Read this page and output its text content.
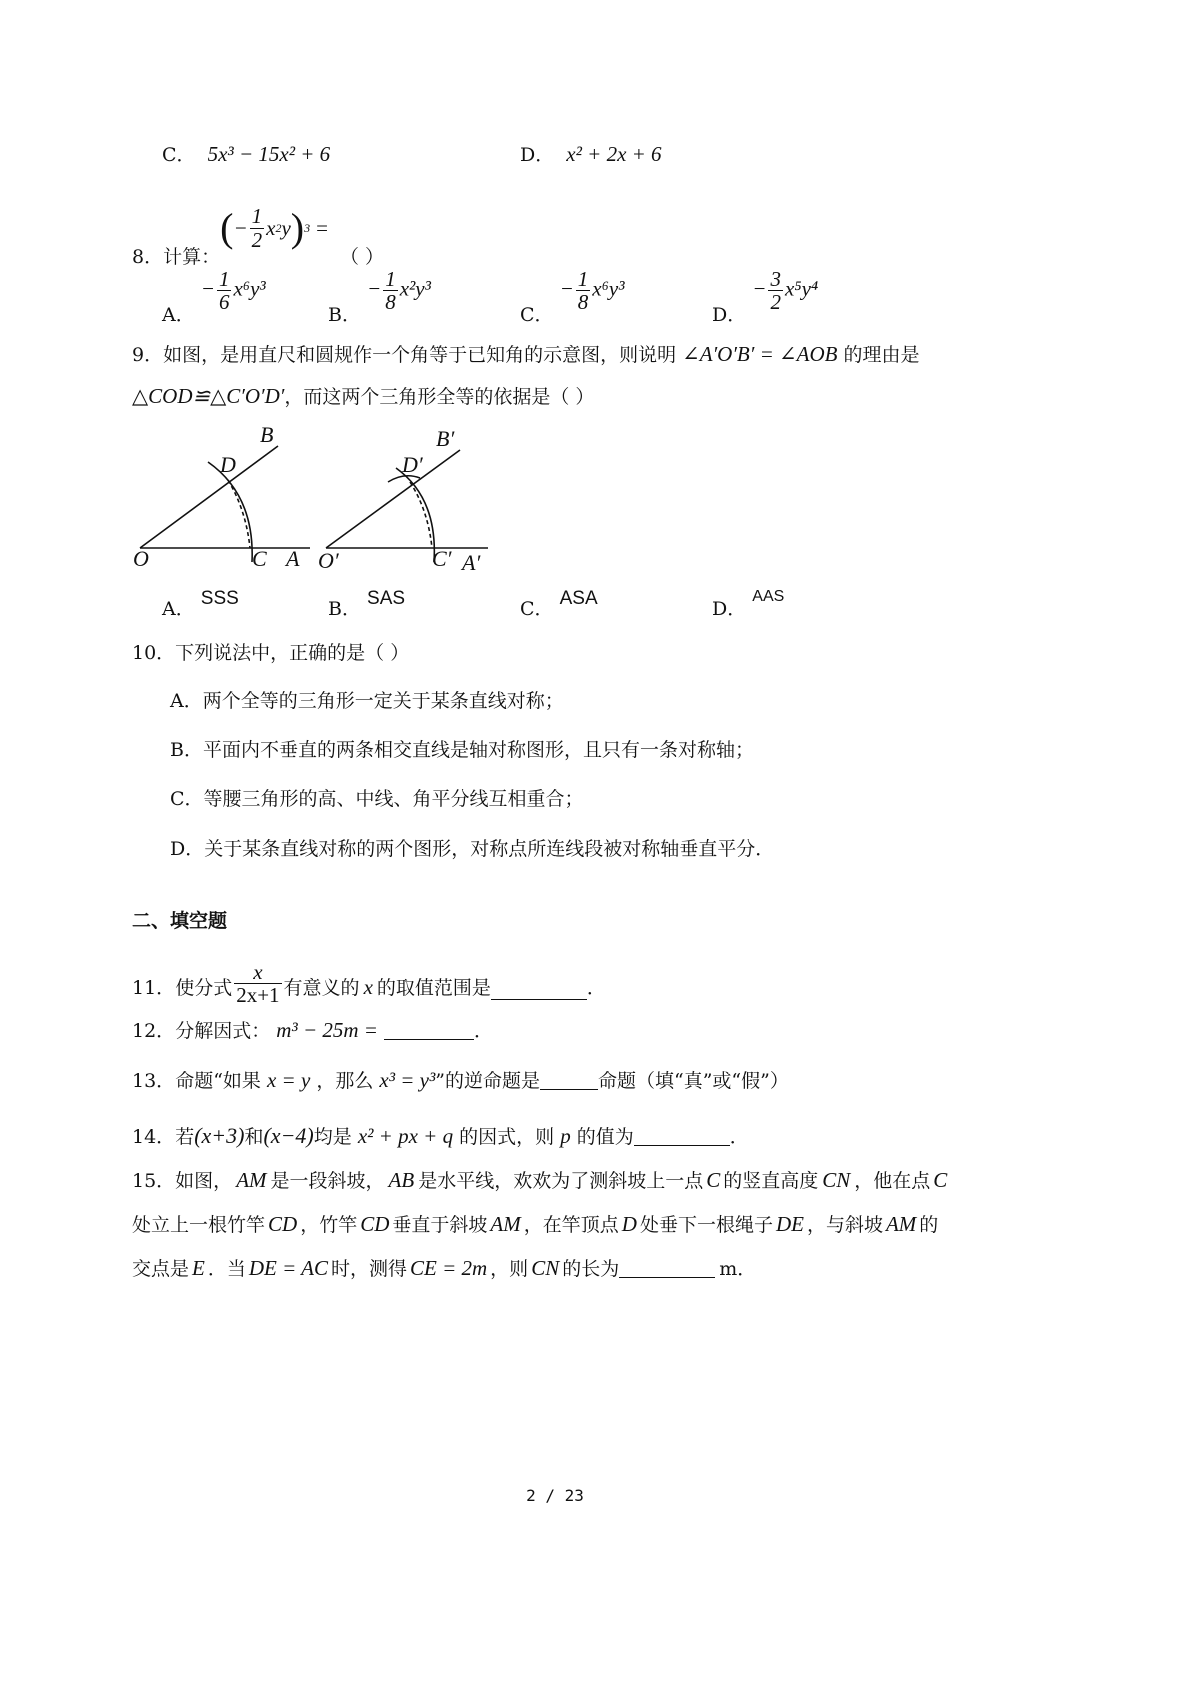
C． 5x³ − 15x² + 6	D． x² + 2x + 6
8． 计算：
( − $\frac{1}{2}$ x 2 y ) 3 =
（ ）
A． − $\frac{1}{6} x^6y^3$
B． − $\frac{1}{8} x^2y^3$
C． − $\frac{1}{8} x^6y^3$
D． − $\frac{3}{2} x^5y^4$
9．如图，是用直尺和圆规作一个角等于已知角的示意图，则说明 ∠A′O′B′ = ∠AOB 的理由是
△COD≌△C′O′D′，而这两个三角形全等的依据是（ ）
B
D
O	C A
B′
D′
O′	C′ A′
A． SSS	B． SAS	C． ASA	D． $^{AAS}$
10．下列说法中，正确的是（ ）
A．两个全等的三角形一定关于某条直线对称；
B．平面内不垂直的两条相交直线是轴对称图形，且只有一条对称轴；
C．等腰三角形的高、中线、角平分线互相重合；
D．关于某条直线对称的两个图形，对称点所连线段被对称轴垂直平分．
二、填空题
11． 使分式 $\frac{x}{2x+1}$ 有意义的 x 的取值范围是	．
12．分解因式： m³ − 25m =	．
13．命题“如果 x = y ，那么 x³ = y³”的逆命题是	命题（填“真”或“假”）
14．若(x+3)和(x−4)均是 x² + px + q 的因式，则 p 的值为	．
15．如图， AM 是一段斜坡， AB 是水平线，欢欢为了测斜坡上一点 C 的竖直高度 CN ，他在点 C
处立上一根竹竿 CD ，竹竿 CD 垂直于斜坡 AM ，在竿顶点 D 处垂下一根绳子 DE ，与斜坡 AM 的
交点是 E ．当 DE = AC 时，测得 CE = 2m ，则 CN 的长为	m．
2 / 23
